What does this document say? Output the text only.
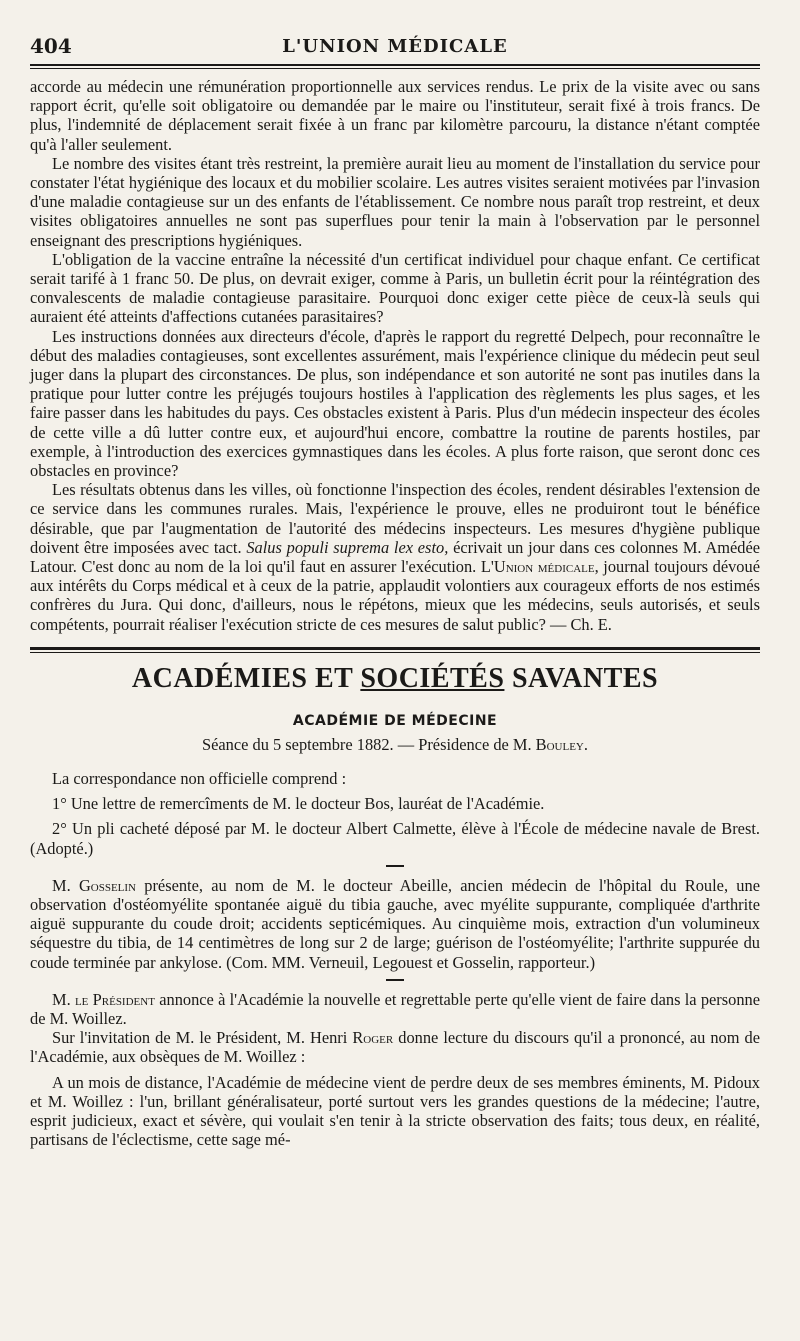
404	L'UNION MÉDICALE

accorde au médecin une rémunération proportionnelle aux services rendus. Le prix de la visite avec ou sans rapport écrit, qu'elle soit obligatoire ou demandée par le maire ou l'instituteur, serait fixé à trois francs. De plus, l'indemnité de déplacement serait fixée à un franc par kilomètre parcouru, la distance n'étant comptée qu'à l'aller seulement.

Le nombre des visites étant très restreint, la première aurait lieu au moment de l'installation du service pour constater l'état hygiénique des locaux et du mobilier scolaire. Les autres visites seraient motivées par l'invasion d'une maladie contagieuse sur un des enfants de l'établissement. Ce nombre nous paraît trop restreint, et deux visites obligatoires annuelles ne sont pas superflues pour tenir la main à l'observation par le personnel enseignant des prescriptions hygiéniques.

L'obligation de la vaccine entraîne la nécessité d'un certificat individuel pour chaque enfant. Ce certificat serait tarifé à 1 franc 50. De plus, on devrait exiger, comme à Paris, un bulletin écrit pour la réintégration des convalescents de maladie contagieuse parasitaire. Pourquoi donc exiger cette pièce de ceux-là seuls qui auraient été atteints d'affections cutanées parasitaires?

Les instructions données aux directeurs d'école, d'après le rapport du regretté Delpech, pour reconnaître le début des maladies contagieuses, sont excellentes assurément, mais l'expérience clinique du médecin peut seul juger dans la plupart des circonstances. De plus, son indépendance et son autorité ne sont pas inutiles dans la pratique pour lutter contre les préjugés toujours hostiles à l'application des règlements les plus sages, et les faire passer dans les habitudes du pays. Ces obstacles existent à Paris. Plus d'un médecin inspecteur des écoles de cette ville a dû lutter contre eux, et aujourd'hui encore, combattre la routine de parents hostiles, par exemple, à l'introduction des exercices gymnastiques dans les écoles. A plus forte raison, que seront donc ces obstacles en province?

Les résultats obtenus dans les villes, où fonctionne l'inspection des écoles, rendent désirables l'extension de ce service dans les communes rurales. Mais, l'expérience le prouve, elles ne produiront tout le bénéfice désirable, que par l'augmentation de l'autorité des médecins inspecteurs. Les mesures d'hygiène publique doivent être imposées avec tact. Salus populi suprema lex esto, écrivait un jour dans ces colonnes M. Amédée Latour. C'est donc au nom de la loi qu'il faut en assurer l'exécution. L'Union médicale, journal toujours dévoué aux intérêts du Corps médical et à ceux de la patrie, applaudit volontiers aux courageux efforts de nos estimés confrères du Jura. Qui donc, d'ailleurs, nous le répétons, mieux que les médecins, seuls autorisés, et seuls compétents, pourrait réaliser l'exécution stricte de ces mesures de salut public? — Ch. E.

ACADÉMIES ET SOCIÉTÉS SAVANTES
ACADÉMIE DE MÉDECINE
Séance du 5 septembre 1882. — Présidence de M. Bouley.

La correspondance non officielle comprend :

1° Une lettre de remercîments de M. le docteur Bos, lauréat de l'Académie.

2° Un pli cacheté déposé par M. le docteur Albert Calmette, élève à l'École de médecine navale de Brest. (Adopté.)

M. Gosselin présente, au nom de M. le docteur Abeille, ancien médecin de l'hôpital du Roule, une observation d'ostéomyélite spontanée aiguë du tibia gauche, avec myélite suppurante, compliquée d'arthrite aiguë suppurante du coude droit; accidents septicémiques. Au cinquième mois, extraction d'un volumineux séquestre du tibia, de 14 centimètres de long sur 2 de large; guérison de l'ostéomyélite; l'arthrite suppurée du coude terminée par ankylose. (Com. MM. Verneuil, Legouest et Gosselin, rapporteur.)

M. le Président annonce à l'Académie la nouvelle et regrettable perte qu'elle vient de faire dans la personne de M. Woillez.

Sur l'invitation de M. le Président, M. Henri Roger donne lecture du discours qu'il a prononcé, au nom de l'Académie, aux obsèques de M. Woillez :

A un mois de distance, l'Académie de médecine vient de perdre deux de ses membres éminents, M. Pidoux et M. Woillez : l'un, brillant généralisateur, porté surtout vers les grandes questions de la médecine; l'autre, esprit judicieux, exact et sévère, qui voulait s'en tenir à la stricte observation des faits; tous deux, en réalité, partisans de l'éclectisme, cette sage mé-
